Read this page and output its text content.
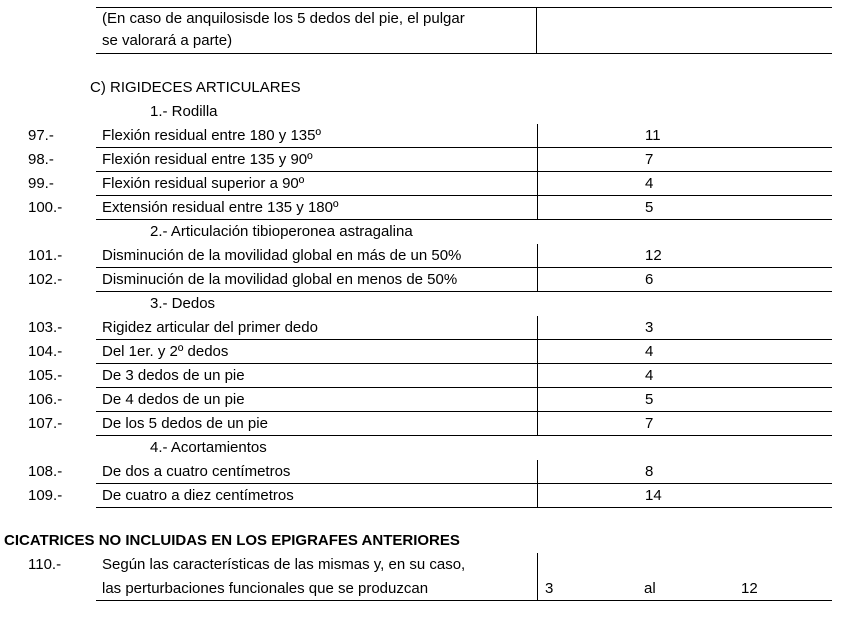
(En caso de anquilosisde los 5 dedos del pie, el pulgar
se valorará a parte)
C) RIGIDECES ARTICULARES
1.- Rodilla
97.-	Flexión residual entre 180 y 135º	11
98.-	Flexión residual entre 135 y 90º	7
99.-	Flexión residual superior a 90º	4
100.-	Extensión residual entre 135 y 180º	5
2.- Articulación tibioperonea astragalina
101.-	Disminución de la movilidad global en más de un 50%	12
102.-	Disminución de la movilidad global en menos de 50%	6
3.- Dedos
103.-	Rigidez articular del primer dedo	3
104.-	Del 1er. y 2º dedos	4
105.-	De 3 dedos de un pie	4
106.-	De 4 dedos de un pie	5
107.-	De los 5 dedos de un pie	7
4.- Acortamientos
108.-	De dos a cuatro centímetros	8
109.-	De cuatro a diez centímetros	14
CICATRICES NO INCLUIDAS EN LOS EPIGRAFES ANTERIORES
110.-	Según las características de las mismas y, en su caso,
las perturbaciones funcionales que se produzcan	3	al	12
